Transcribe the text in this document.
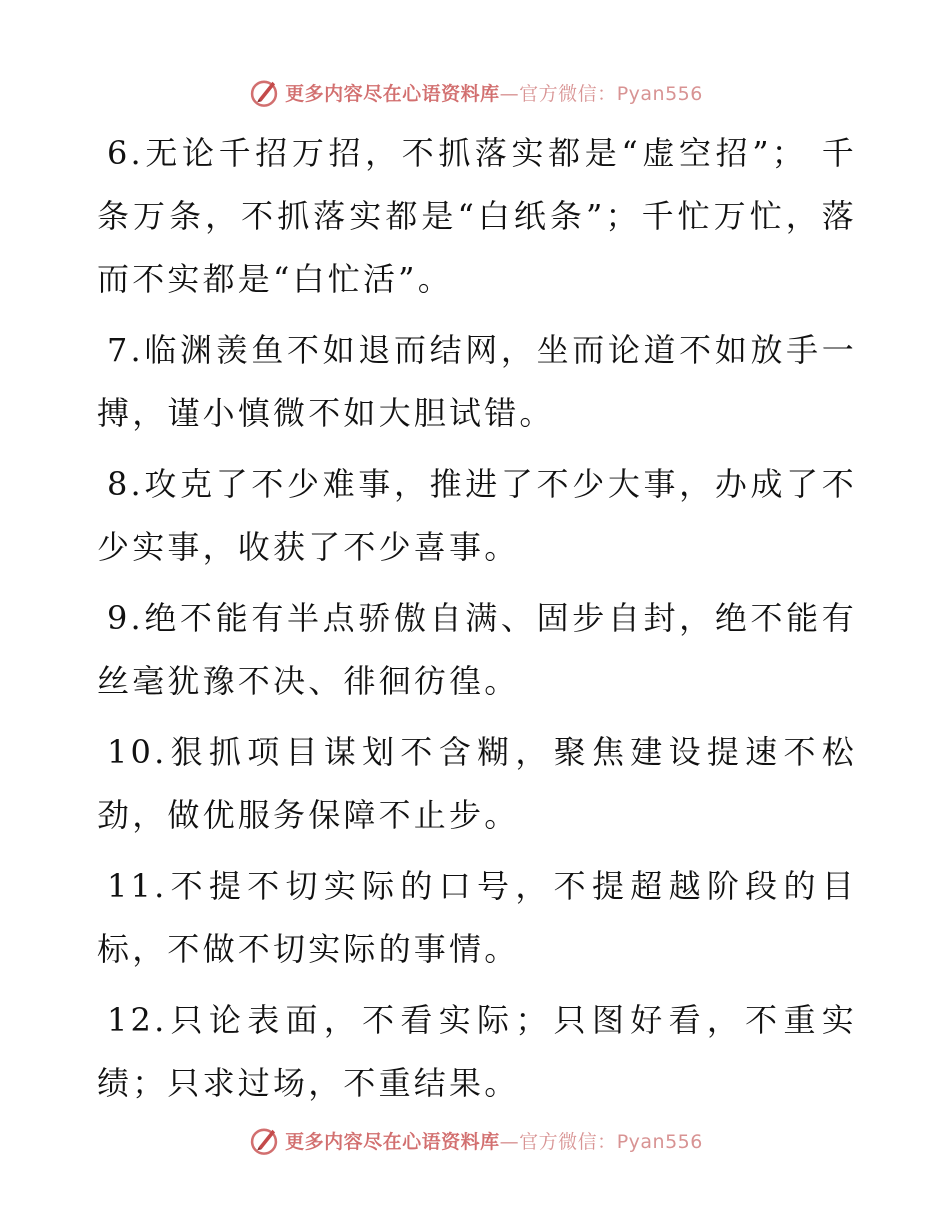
更多内容尽在心语资料库—官方微信：Pyan556

6.无论千招万招，不抓落实都是“虚空招”； 千条万条，不抓落实都是“白纸条”；千忙万忙，落而不实都是“白忙活”。

7.临渊羡鱼不如退而结网，坐而论道不如放手一搏，谨小慎微不如大胆试错。

8.攻克了不少难事，推进了不少大事，办成了不少实事，收获了不少喜事。

9.绝不能有半点骄傲自满、固步自封，绝不能有丝毫犹豫不决、徘徊彷徨。

10.狠抓项目谋划不含糊，聚焦建设提速不松劲，做优服务保障不止步。

11.不提不切实际的口号，不提超越阶段的目标，不做不切实际的事情。

12.只论表面，不看实际；只图好看，不重实绩；只求过场，不重结果。

更多内容尽在心语资料库—官方微信：Pyan556
